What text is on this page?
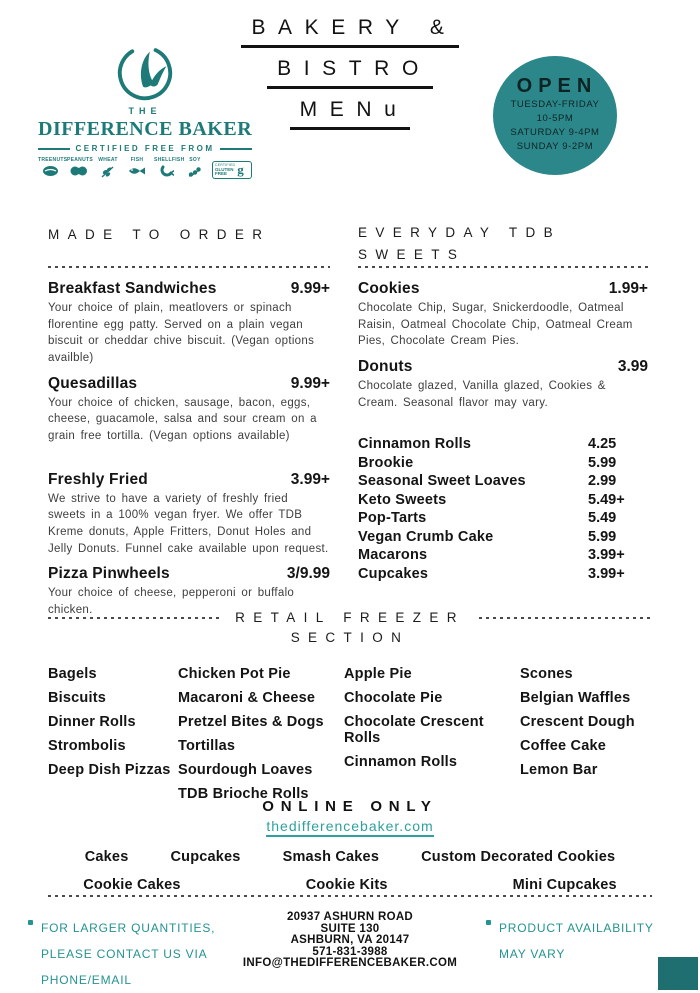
THE
DIFFERENCE BAKER
CERTIFIED FREE FROM
TREENUTS PEANUTS	WHEAT	FISH	SHELLFISH SOY
CERTIFIED
GLUTEN
FREE g
BAKERY &
BISTRO
MENu
OPEN
TUESDAY-FRIDAY
10-5PM
SATURDAY 9-4PM
SUNDAY 9-2PM
MADE TO ORDER
Breakfast Sandwiches	9.99+
Your choice of plain, meatlovers or spinach florentine egg patty. Served on a plain vegan biscuit or cheddar chive biscuit. (Vegan options availble)
Quesadillas	9.99+
Your choice of chicken, sausage, bacon, eggs, cheese, guacamole, salsa and sour cream on a grain free tortilla. (Vegan options available)
Freshly Fried	3.99+
We strive to have a variety of freshly fried sweets in a 100% vegan fryer. We offer TDB Kreme donuts, Apple Fritters, Donut Holes and Jelly Donuts. Funnel cake available upon request.
Pizza Pinwheels	3/9.99
Your choice of cheese, pepperoni or buffalo chicken.
EVERYDAY TDB
SWEETS
Cookies	1.99+
Chocolate Chip, Sugar, Snickerdoodle, Oatmeal Raisin, Oatmeal Chocolate Chip, Oatmeal Cream Pies, Chocolate Cream Pies.
Donuts	3.99
Chocolate glazed, Vanilla glazed, Cookies & Cream. Seasonal flavor may vary.
Cinnamon Rolls	4.25
Brookie	5.99
Seasonal Sweet Loaves	2.99
Keto Sweets	5.49+
Pop-Tarts	5.49
Vegan Crumb Cake	5.99
Macarons	3.99+
Cupcakes	3.99+
RETAIL FREEZER
SECTION
Bagels
Biscuits
Dinner Rolls
Strombolis
Deep Dish Pizzas
Chicken Pot Pie
Macaroni & Cheese
Pretzel Bites & Dogs
Tortillas
Sourdough Loaves
TDB Brioche Rolls
Apple Pie
Chocolate Pie
Chocolate Crescent Rolls
Cinnamon Rolls
Scones
Belgian Waffles
Crescent Dough
Coffee Cake
Lemon Bar
ONLINE ONLY
thedifferencebaker.com
Cakes	Cupcakes	Smash Cakes	Custom Decorated Cookies
Cookie Cakes	Cookie Kits	Mini Cupcakes
FOR LARGER QUANTITIES, PLEASE CONTACT US VIA PHONE/EMAIL
20937 ASHURN ROAD
SUITE 130
ASHBURN, VA 20147
571-831-3988
INFO@THEDIFFERENCEBAKER.COM
PRODUCT AVAILABILITY MAY VARY
